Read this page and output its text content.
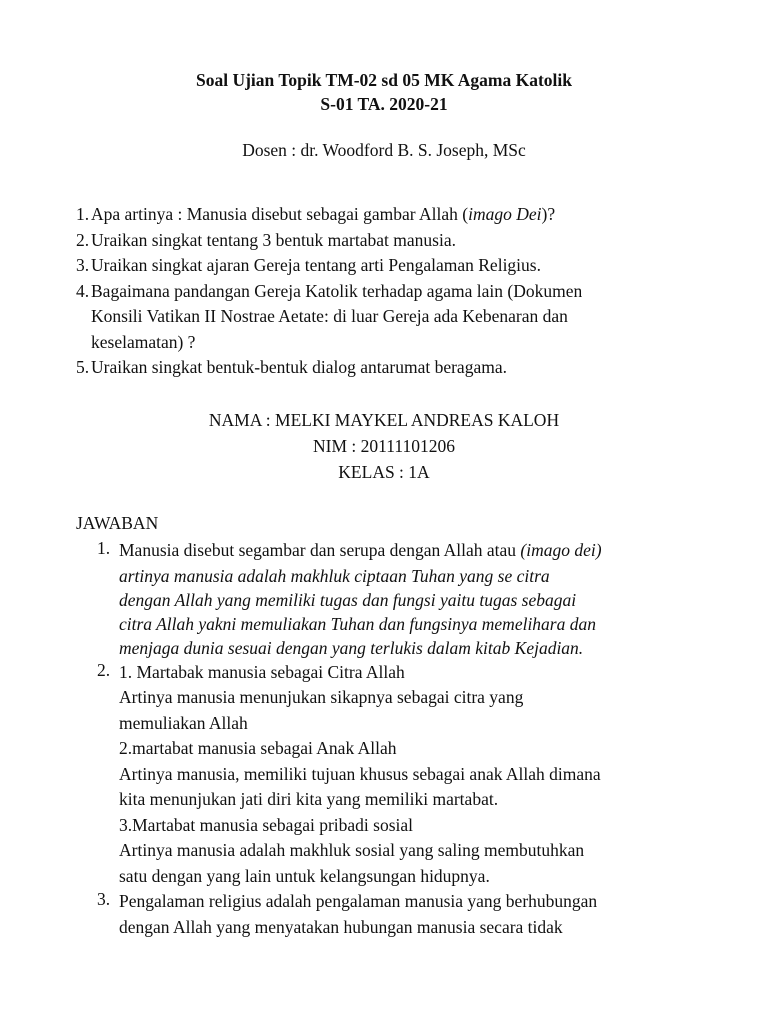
Soal Ujian Topik TM-02 sd 05 MK Agama Katolik
S-01 TA. 2020-21
Dosen : dr. Woodford B. S. Joseph, MSc
1. Apa artinya : Manusia disebut sebagai gambar Allah (imago Dei)?
2. Uraikan singkat tentang 3 bentuk martabat manusia.
3. Uraikan singkat ajaran Gereja tentang arti Pengalaman Religius.
4. Bagaimana pandangan Gereja Katolik terhadap agama lain (Dokumen
Konsili Vatikan II Nostrae Aetate: di luar Gereja ada Kebenaran dan
keselamatan) ?
5. Uraikan singkat bentuk-bentuk dialog antarumat beragama.
NAMA : MELKI MAYKEL ANDREAS KALOH
NIM : 20111101206
KELAS : 1A
JAWABAN
1. Manusia disebut segambar dan serupa dengan Allah atau (imago dei)
artinya manusia adalah makhluk ciptaan Tuhan yang se citra
dengan Allah yang memiliki tugas dan fungsi yaitu tugas sebagai
citra Allah yakni memuliakan Tuhan dan fungsinya memelihara dan
menjaga dunia sesuai dengan yang terlukis dalam kitab Kejadian.
2. 1. Martabak manusia sebagai Citra Allah
Artinya manusia menunjukan sikapnya sebagai citra yang
memuliakan Allah
2.martabat manusia sebagai Anak Allah
Artinya manusia, memiliki tujuan khusus sebagai anak Allah dimana
kita menunjukan jati diri kita yang memiliki martabat.
3.Martabat manusia sebagai pribadi sosial
Artinya manusia adalah makhluk sosial yang saling membutuhkan
satu dengan yang lain untuk kelangsungan hidupnya.
3. Pengalaman religius adalah pengalaman manusia yang berhubungan
dengan Allah yang menyatakan hubungan manusia secara tidak
